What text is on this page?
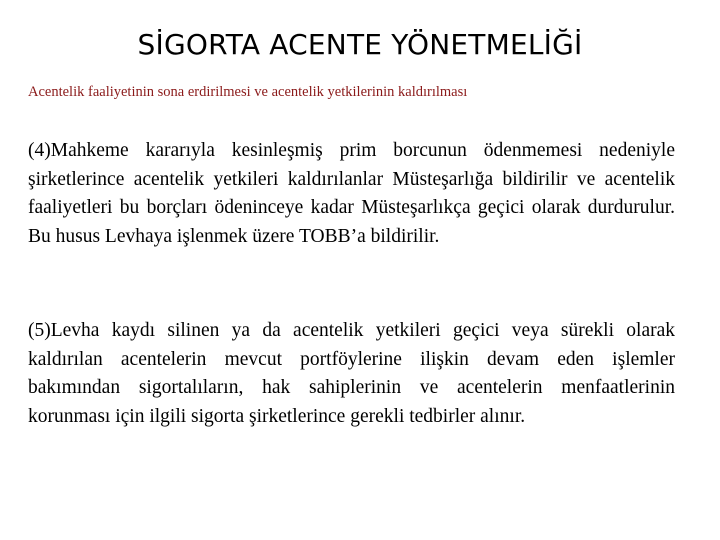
SİGORTA ACENTE YÖNETMELİĞİ

Acentelik faaliyetinin sona erdirilmesi ve acentelik yetkilerinin kaldırılması

(4)Mahkeme kararıyla kesinleşmiş prim borcunun ödenmemesi nedeniyle şirketlerince acentelik yetkileri kaldırılanlar Müsteşarlığa bildirilir ve acentelik faaliyetleri bu borçları ödeninceye kadar Müsteşarlıkça geçici olarak durdurulur. Bu husus Levhaya işlenmek üzere TOBB’a bildirilir.

(5)Levha kaydı silinen ya da acentelik yetkileri geçici veya sürekli olarak kaldırılan acentelerin mevcut portföylerine ilişkin devam eden işlemler bakımından sigortalıların, hak sahiplerinin ve acentelerin menfaatlerinin korunması için ilgili sigorta şirketlerince gerekli tedbirler alınır.
